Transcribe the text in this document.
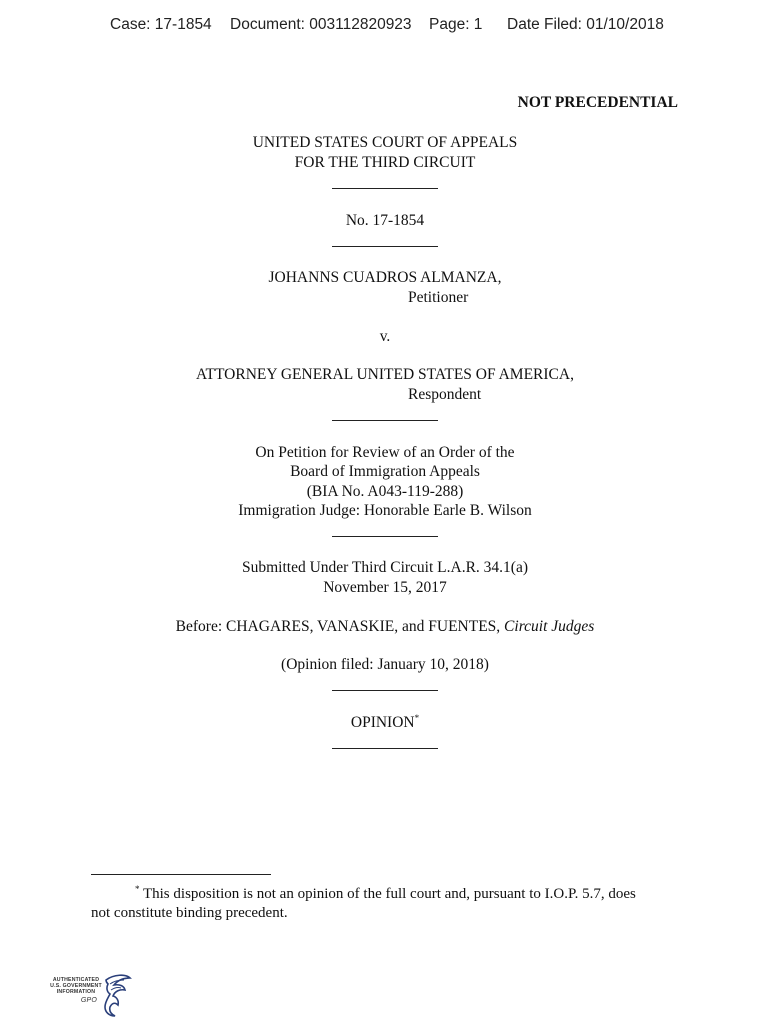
Case: 17-1854 Document: 003112820923 Page: 1 Date Filed: 01/10/2018
NOT PRECEDENTIAL
UNITED STATES COURT OF APPEALS
FOR THE THIRD CIRCUIT
No. 17-1854
JOHANNS CUADROS ALMANZA,
Petitioner
v.
ATTORNEY GENERAL UNITED STATES OF AMERICA,
Respondent
On Petition for Review of an Order of the
Board of Immigration Appeals
(BIA No. A043-119-288)
Immigration Judge: Honorable Earle B. Wilson
Submitted Under Third Circuit L.A.R. 34.1(a)
November 15, 2017
Before: CHAGARES, VANASKIE, and FUENTES, Circuit Judges
(Opinion filed: January 10, 2018)
OPINION*
* This disposition is not an opinion of the full court and, pursuant to I.O.P. 5.7, does
not constitute binding precedent.
AUTHENTICATED
U.S. GOVERNMENT
INFORMATION
GPO
